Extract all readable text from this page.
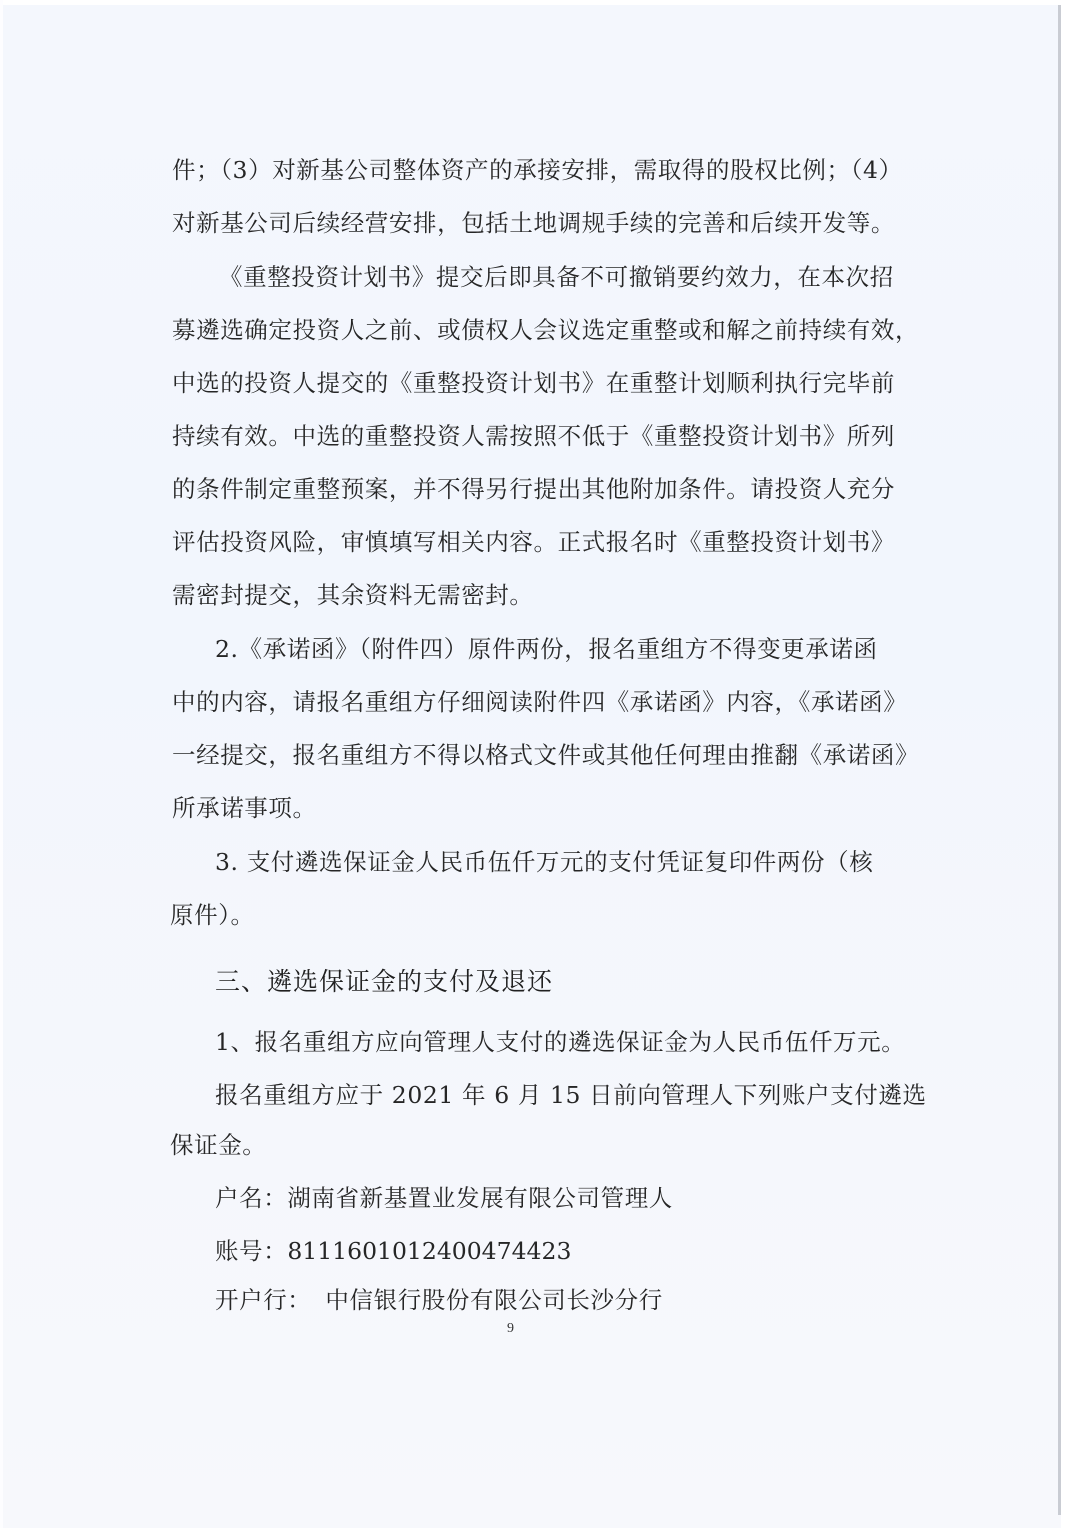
件；（3）对新基公司整体资产的承接安排，需取得的股权比例；（4）
对新基公司后续经营安排，包括土地调规手续的完善和后续开发等。
《重整投资计划书》提交后即具备不可撤销要约效力，在本次招
募遴选确定投资人之前、或债权人会议选定重整或和解之前持续有效，
中选的投资人提交的《重整投资计划书》在重整计划顺利执行完毕前
持续有效。中选的重整投资人需按照不低于《重整投资计划书》所列
的条件制定重整预案，并不得另行提出其他附加条件。请投资人充分
评估投资风险，审慎填写相关内容。正式报名时《重整投资计划书》
需密封提交，其余资料无需密封。
2.《承诺函》（附件四）原件两份，报名重组方不得变更承诺函
中的内容，请报名重组方仔细阅读附件四《承诺函》内容，《承诺函》
一经提交，报名重组方不得以格式文件或其他任何理由推翻《承诺函》
所承诺事项。
3. 支付遴选保证金人民币伍仟万元的支付凭证复印件两份（核
原件）。
三、遴选保证金的支付及退还
1、报名重组方应向管理人支付的遴选保证金为人民币伍仟万元。
报名重组方应于 2021 年 6 月 15 日前向管理人下列账户支付遴选
保证金。
户名：湖南省新基置业发展有限公司管理人
账号：8111601012400474423
开户行： 中信银行股份有限公司长沙分行
9
